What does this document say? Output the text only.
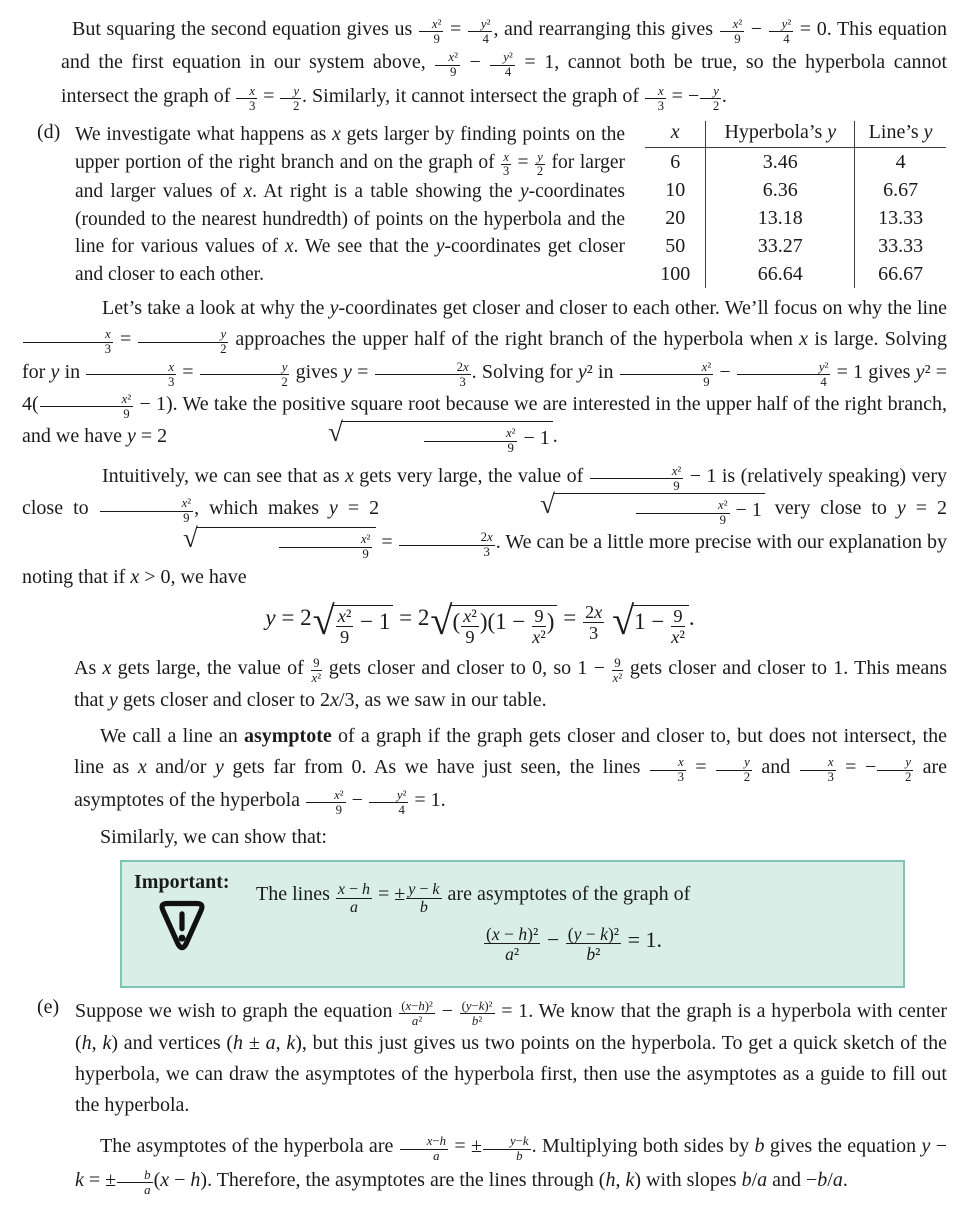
But squaring the second equation gives us $\frac{\text{x²}}{9} = \frac{\text{y²}}{4}$ , and rearranging this gives $\frac{\text{x²}}{9} - \frac{\text{y²}}{4} = 0$. This equation and the first equation in our system above, $\frac{\text{x²}}{9} - \frac{\text{y²}}{4} = 1$, cannot both be true, so the hyperbola cannot intersect the graph of $\frac{x}{3} = \frac{y}{2}$ . Similarly, it cannot intersect the graph of $\frac{x}{3}$ = − $\frac{y}{2}$ .

(d) We investigate what happens as x gets larger by finding points on the upper portion of the right branch and on the graph of $\frac{x}{3} = \frac{y}{2}$ for larger and larger values of x. At right is a table showing the y-coordinates (rounded to the nearest hundredth) of points on the hyperbola and the line for various values of x. We see that the y-coordinates get closer and closer to each other.

x	Hyperbola’s y	Line’s y
6	3.46	4
10	6.36	6.67
20	13.18	13.33
50	33.27	33.33
100	66.64	66.67

Let’s take a look at why the y-coordinates get closer and closer to each other. We’ll focus on why the line
$\frac{x}{3} = \frac{y}{2}$ approaches the upper half of the right branch of the hyperbola when x is large. Solving for y in $\frac{x}{3} = \frac{y}{2}$ gives $y = \frac{2x}{3}$ . Solving for y² in $\frac{\text{x²}}{9} - \frac{\text{y²}}{4} = 1$ gives $y^2 = 4( \frac{\text{x²}}{9} - 1)$. We take the positive square root because we are interested in the upper half of the right branch, and we have y = 2	√	$\frac{\text{x²}}{9} - 1$ .

Intuitively, we can see that as x gets very large, the value of $\frac{\text{x²}}{9} - 1$ is (relatively speaking) very close to $\frac{\text{x²}}{9}$ , which makes y = 2	√	$\frac{\text{x²}}{9} - 1$ very close to y = 2√	$\frac{\text{x²}}{9} = \frac{2x}{3}$ . We can be a little more precise with our explanation by noting that if x > 0, we have

$y = 2√ \frac{\text{x²}}{9} - 1 = 2√( \frac{\text{x²}}{9} )(1 - \frac{9}{\text{x²}}$ ) = $\frac{2x}{3} √1 - \frac{9}{\text{x²}}$ .

As x gets large, the value of $\frac{9}{\text{x²}}$ gets closer and closer to 0, so $1 - \frac{9}{\text{x²}}$ gets closer and closer to 1. This means that y gets closer and closer to 2x/3, as we saw in our table.

We call a line an asymptote of a graph if the graph gets closer and closer to, but does not intersect, the line as x and/or y gets far from 0. As we have just seen, the lines $\frac{x}{3} = \frac{y}{2}$ and $\frac{x}{3}$ = − $\frac{y}{2}$ are asymptotes of the hyperbola $\frac{\text{x²}}{9} - \frac{\text{y²}}{4} = 1$.

Similarly, we can show that:

Important:
The lines $\frac{x - h}{a}$ = ± $\frac{y - k}{b}$ are asymptotes of the graph of
$\frac{\text{(x − h)²}}{\text{a²}} - \frac{\text{(y − k)²}}{\text{b²}} = 1$.
(e) Suppose we wish to graph the equation $\frac{\text{(x−h)²}}{\text{a²}} - \frac{\text{(y−k)²}}{\text{b²}} = 1$. We know that the graph is a hyperbola with center (h, k) and vertices (h ± a, k), but this just gives us two points on the hyperbola. To get a quick sketch of the hyperbola, we can draw the asymptotes of the hyperbola first, then use the asymptotes as a guide to fill out the hyperbola.

The asymptotes of the hyperbola are $\frac{x-h}{a}$ = ± $\frac{y-k}{b}$ . Multiplying both sides by b gives the equation y − k = ± $\frac{b}{a} (x - h)$. Therefore, the asymptotes are the lines through (h, k) with slopes b/a and −b/a.
